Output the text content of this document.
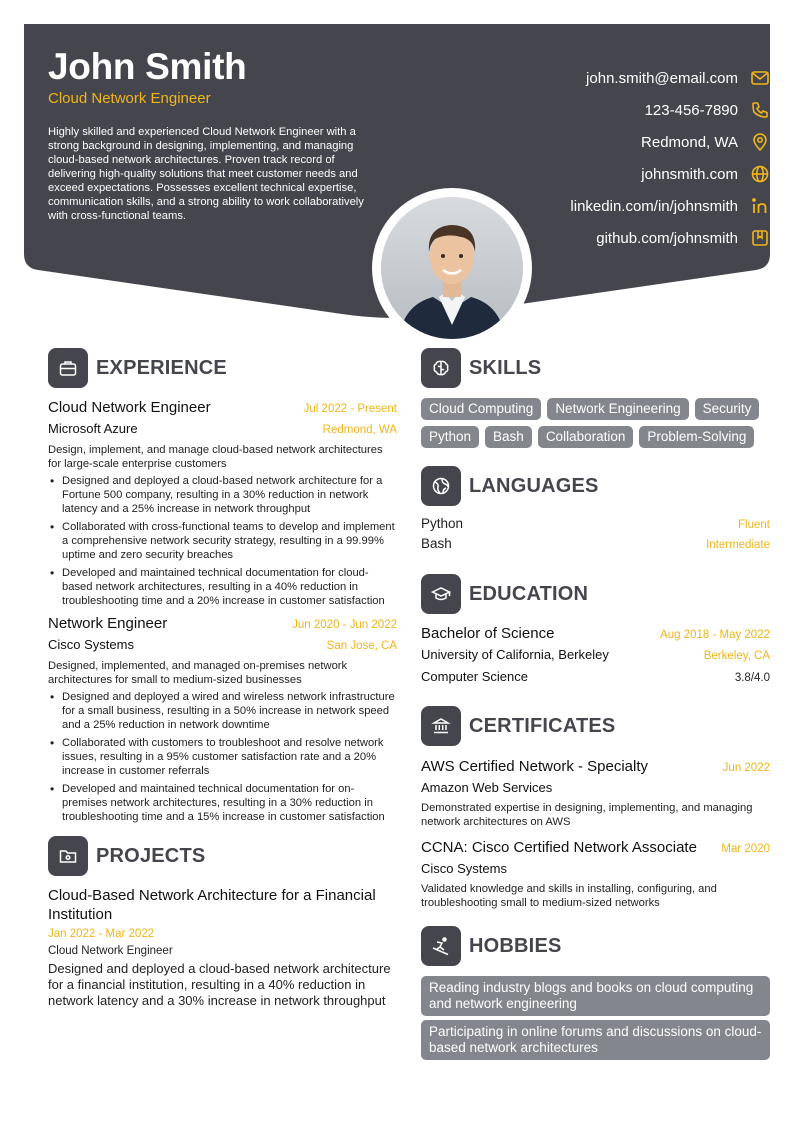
John Smith
Cloud Network Engineer
Highly skilled and experienced Cloud Network Engineer with a strong background in designing, implementing, and managing cloud-based network architectures. Proven track record of delivering high-quality solutions that meet customer needs and exceed expectations. Possesses excellent technical expertise, communication skills, and a strong ability to work collaboratively with cross-functional teams.
john.smith@email.com
123-456-7890
Redmond, WA
johnsmith.com
linkedin.com/in/johnsmith
github.com/johnsmith
EXPERIENCE
Cloud Network Engineer	Jul 2022 - Present
Microsoft Azure	Redmond, WA
Design, implement, and manage cloud-based network architectures for large-scale enterprise customers
• Designed and deployed a cloud-based network architecture for a Fortune 500 company, resulting in a 30% reduction in network latency and a 25% increase in network throughput
• Collaborated with cross-functional teams to develop and implement a comprehensive network security strategy, resulting in a 99.99% uptime and zero security breaches
• Developed and maintained technical documentation for cloud-based network architectures, resulting in a 40% reduction in troubleshooting time and a 20% increase in customer satisfaction
Network Engineer	Jun 2020 - Jun 2022
Cisco Systems	San Jose, CA
Designed, implemented, and managed on-premises network architectures for small to medium-sized businesses
• Designed and deployed a wired and wireless network infrastructure for a small business, resulting in a 50% increase in network speed and a 25% reduction in network downtime
• Collaborated with customers to troubleshoot and resolve network issues, resulting in a 95% customer satisfaction rate and a 20% increase in customer referrals
• Developed and maintained technical documentation for on-premises network architectures, resulting in a 30% reduction in troubleshooting time and a 15% increase in customer satisfaction
PROJECTS
Cloud-Based Network Architecture for a Financial Institution
Jan 2022 - Mar 2022
Cloud Network Engineer
Designed and deployed a cloud-based network architecture for a financial institution, resulting in a 40% reduction in network latency and a 30% increase in network throughput
SKILLS
Cloud Computing	Network Engineering	Security
Python	Bash	Collaboration	Problem-Solving
LANGUAGES
Python	Fluent
Bash	Intermediate
EDUCATION
Bachelor of Science	Aug 2018 - May 2022
University of California, Berkeley	Berkeley, CA
Computer Science	3.8/4.0
CERTIFICATES
AWS Certified Network - Specialty	Jun 2022
Amazon Web Services
Demonstrated expertise in designing, implementing, and managing network architectures on AWS
CCNA: Cisco Certified Network Associate Mar 2020
Cisco Systems
Validated knowledge and skills in installing, configuring, and troubleshooting small to medium-sized networks
HOBBIES
Reading industry blogs and books on cloud computing and network engineering
Participating in online forums and discussions on cloud-based network architectures
